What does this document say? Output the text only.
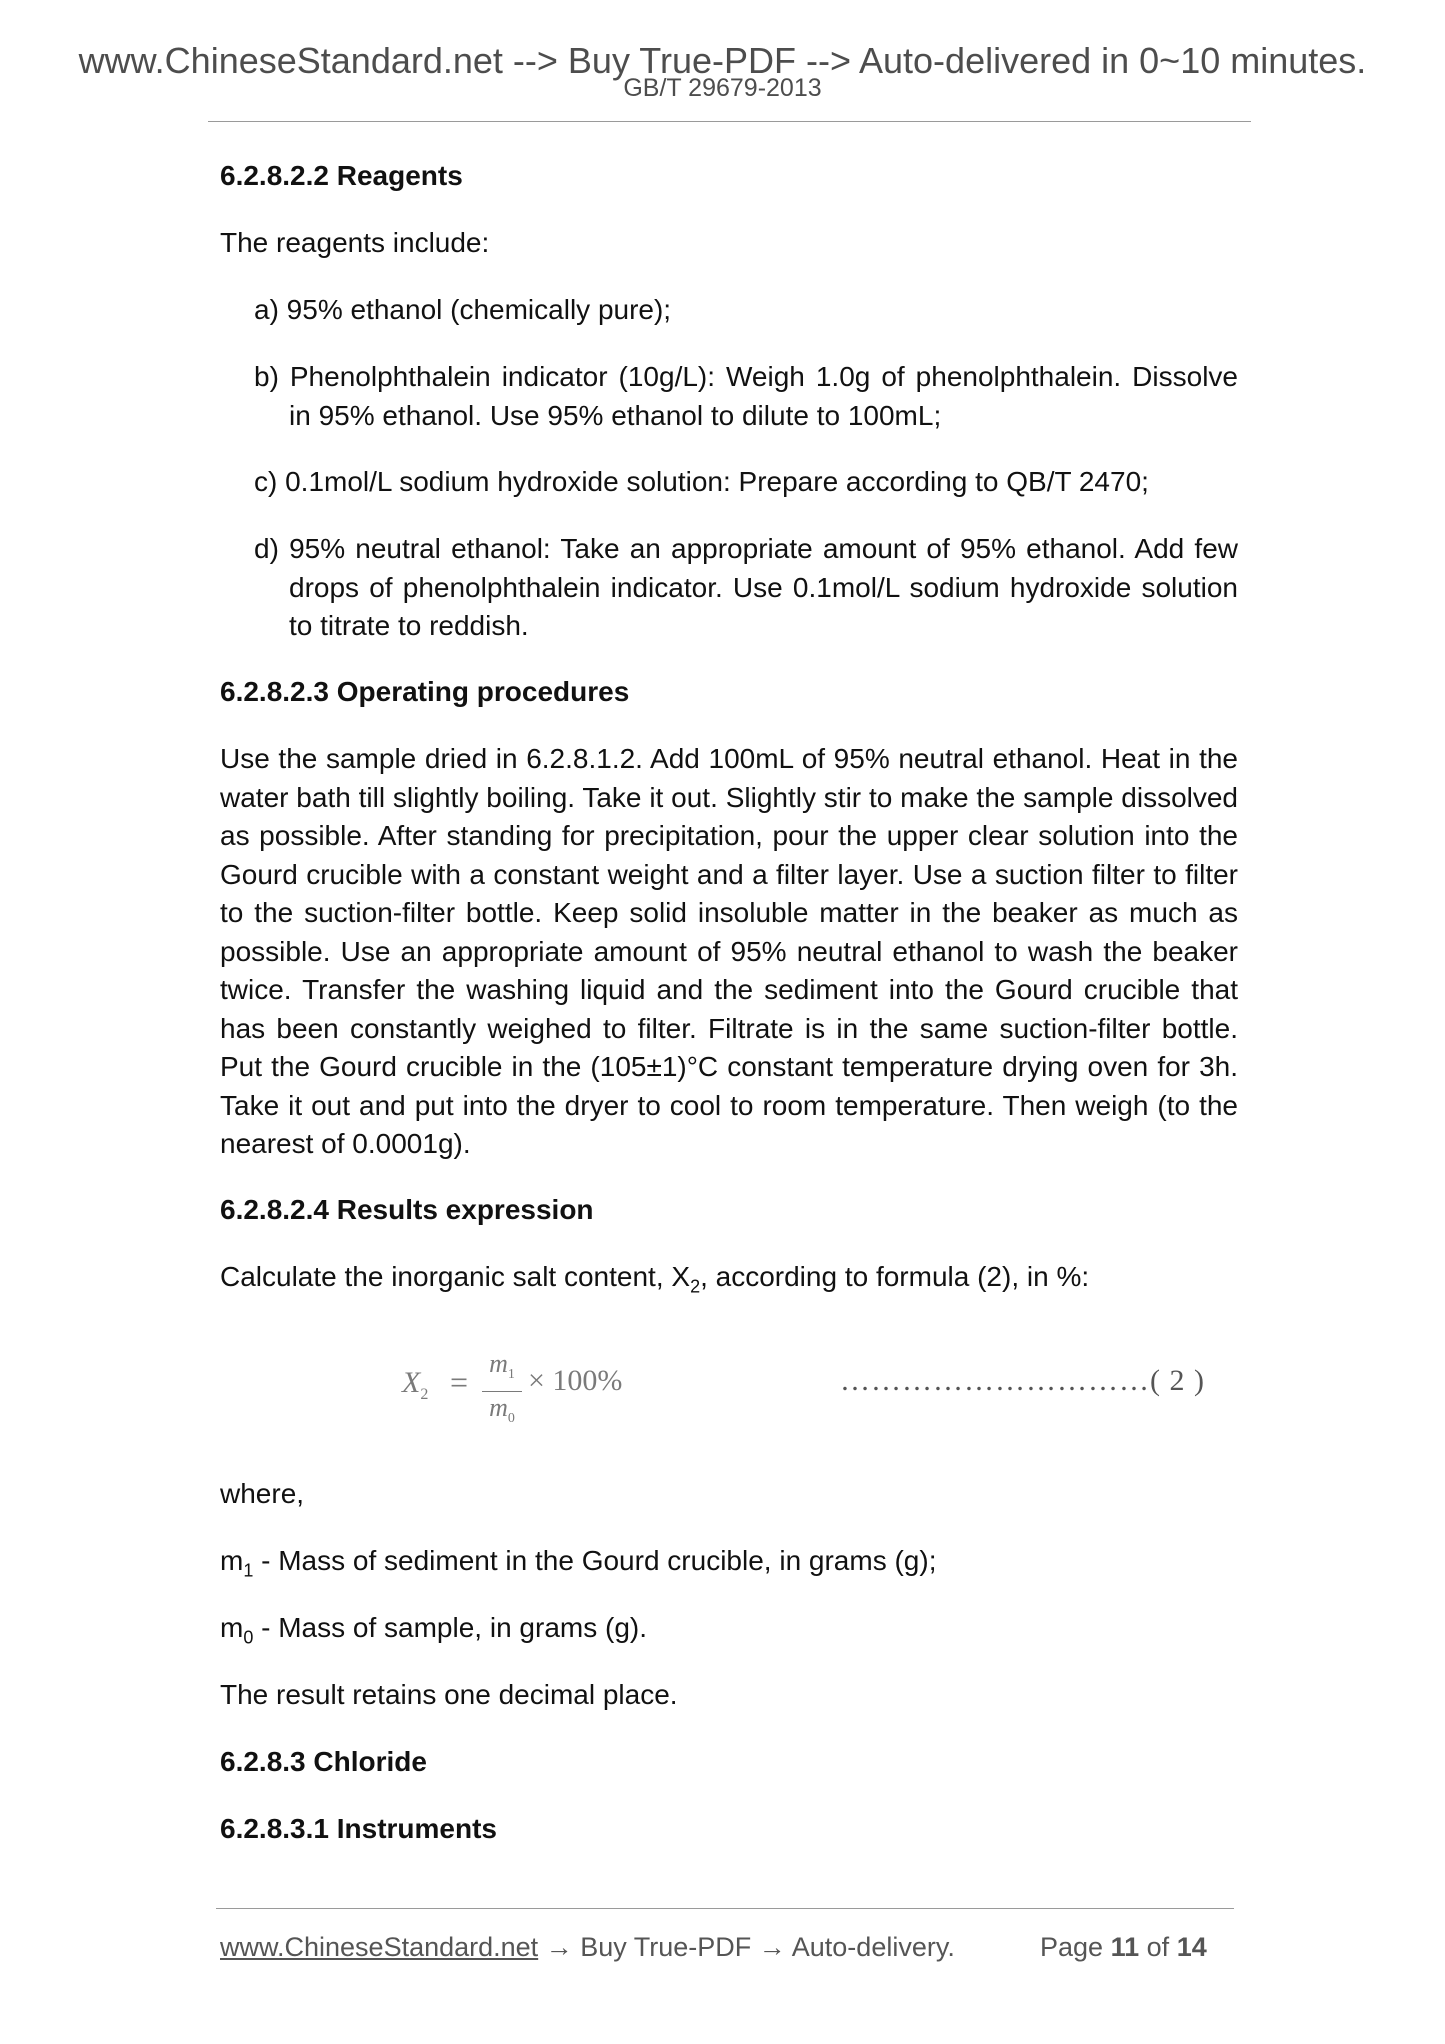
www.ChineseStandard.net --> Buy True-PDF --> Auto-delivered in 0~10 minutes.
GB/T 29679-2013
6.2.8.2.2 Reagents
The reagents include:
a) 95% ethanol (chemically pure);
b) Phenolphthalein indicator (10g/L): Weigh 1.0g of phenolphthalein. Dissolve in 95% ethanol. Use 95% ethanol to dilute to 100mL;
c) 0.1mol/L sodium hydroxide solution: Prepare according to QB/T 2470;
d) 95% neutral ethanol: Take an appropriate amount of 95% ethanol. Add few drops of phenolphthalein indicator. Use 0.1mol/L sodium hydroxide solution to titrate to reddish.
6.2.8.2.3 Operating procedures
Use the sample dried in 6.2.8.1.2. Add 100mL of 95% neutral ethanol. Heat in the water bath till slightly boiling. Take it out. Slightly stir to make the sample dissolved as possible. After standing for precipitation, pour the upper clear solution into the Gourd crucible with a constant weight and a filter layer. Use a suction filter to filter to the suction-filter bottle. Keep solid insoluble matter in the beaker as much as possible. Use an appropriate amount of 95% neutral ethanol to wash the beaker twice. Transfer the washing liquid and the sediment into the Gourd crucible that has been constantly weighed to filter. Filtrate is in the same suction-filter bottle. Put the Gourd crucible in the (105±1)°C constant temperature drying oven for 3h. Take it out and put into the dryer to cool to room temperature. Then weigh (to the nearest of 0.0001g).
6.2.8.2.4 Results expression
Calculate the inorganic salt content, $X_2$, according to formula (2), in %:
$X_2$ =
$m_1$
$m_0$
× 100%	…………………………( 2 )
where,
$m_1$ - Mass of sediment in the Gourd crucible, in grams (g);
$m_0$ - Mass of sample, in grams (g).
The result retains one decimal place.
6.2.8.3 Chloride
6.2.8.3.1 Instruments
www.ChineseStandard.net → Buy True-PDF → Auto-delivery.	Page 11 of 14
